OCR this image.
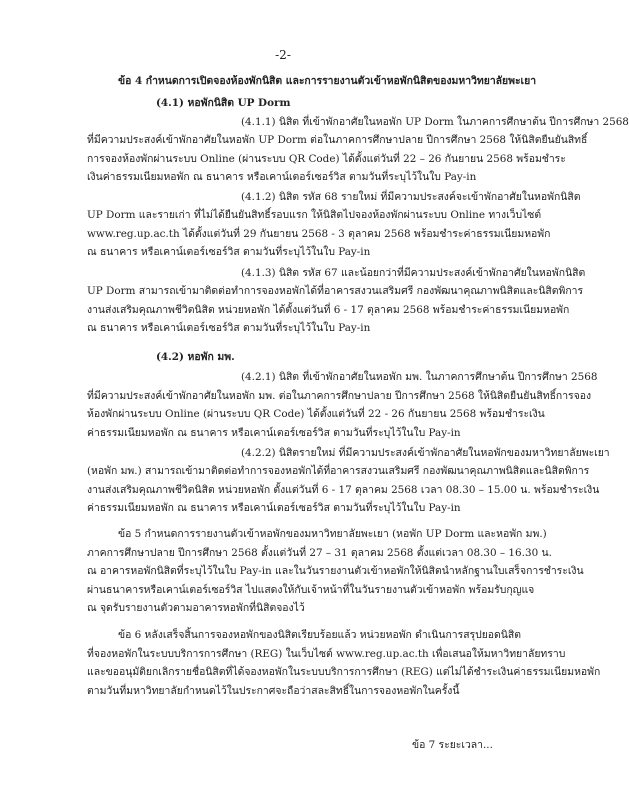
-2-
ข้อ 4 กำหนดการเปิดจองห้องพักนิสิต และการรายงานตัวเข้าหอพักนิสิตของมหาวิทยาลัยพะเยา
(4.1) หอพักนิสิต UP Dorm
(4.1.1) นิสิต ที่เข้าพักอาศัยในหอพัก UP Dorm ในภาคการศึกษาต้น ปีการศึกษา 2568
ที่มีความประสงค์เข้าพักอาศัยในหอพัก UP Dorm ต่อในภาคการศึกษาปลาย ปีการศึกษา 2568 ให้นิสิตยืนยันสิทธิ์
การจองห้องพักผ่านระบบ Online (ผ่านระบบ QR Code) ได้ตั้งแต่วันที่ 22 – 26 กันยายน 2568 พร้อมชำระ
เงินค่าธรรมเนียมหอพัก ณ ธนาคาร หรือเคาน์เตอร์เซอร์วิส ตามวันที่ระบุไว้ในใบ Pay-in
(4.1.2) นิสิต รหัส 68 รายใหม่ ที่มีความประสงค์จะเข้าพักอาศัยในหอพักนิสิต
UP Dorm และรายเก่า ที่ไม่ได้ยืนยันสิทธิ์รอบแรก ให้นิสิตไปจองห้องพักผ่านระบบ Online ทางเว็บไซต์
www.reg.up.ac.th ได้ตั้งแต่วันที่ 29 กันยายน 2568 - 3 ตุลาคม 2568 พร้อมชำระค่าธรรมเนียมหอพัก
ณ ธนาคาร หรือเคาน์เตอร์เซอร์วิส ตามวันที่ระบุไว้ในใบ Pay-in
(4.1.3) นิสิต รหัส 67 และน้อยกว่าที่มีความประสงค์เข้าพักอาศัยในหอพักนิสิต
UP Dorm สามารถเข้ามาติดต่อทำการจองหอพักได้ที่อาคารสงวนเสริมศรี กองพัฒนาคุณภาพนิสิตและนิสิตพิการ
งานส่งเสริมคุณภาพชีวิตนิสิต หน่วยหอพัก ได้ตั้งแต่วันที่ 6 - 17 ตุลาคม 2568 พร้อมชำระค่าธรรมเนียมหอพัก
ณ ธนาคาร หรือเคาน์เตอร์เซอร์วิส ตามวันที่ระบุไว้ในใบ Pay-in
(4.2) หอพัก มพ.
(4.2.1) นิสิต ที่เข้าพักอาศัยในหอพัก มพ. ในภาคการศึกษาต้น ปีการศึกษา 2568
ที่มีความประสงค์เข้าพักอาศัยในหอพัก มพ. ต่อในภาคการศึกษาปลาย ปีการศึกษา 2568 ให้นิสิตยืนยันสิทธิ์การจอง
ห้องพักผ่านระบบ Online (ผ่านระบบ QR Code) ได้ตั้งแต่วันที่ 22 - 26 กันยายน 2568 พร้อมชำระเงิน
ค่าธรรมเนียมหอพัก ณ ธนาคาร หรือเคาน์เตอร์เซอร์วิส ตามวันที่ระบุไว้ในใบ Pay-in
(4.2.2) นิสิตรายใหม่ ที่มีความประสงค์เข้าพักอาศัยในหอพักของมหาวิทยาลัยพะเยา
(หอพัก มพ.) สามารถเข้ามาติดต่อทำการจองหอพักได้ที่อาคารสงวนเสริมศรี กองพัฒนาคุณภาพนิสิตและนิสิตพิการ
งานส่งเสริมคุณภาพชีวิตนิสิต หน่วยหอพัก ตั้งแต่วันที่ 6 - 17 ตุลาคม 2568 เวลา 08.30 – 15.00 น. พร้อมชำระเงิน
ค่าธรรมเนียมหอพัก ณ ธนาคาร หรือเคาน์เตอร์เซอร์วิส ตามวันที่ระบุไว้ในใบ Pay-in
ข้อ 5 กำหนดการรายงานตัวเข้าหอพักของมหาวิทยาลัยพะเยา (หอพัก UP Dorm และหอพัก มพ.)
ภาคการศึกษาปลาย ปีการศึกษา 2568 ตั้งแต่วันที่ 27 – 31 ตุลาคม 2568 ตั้งแต่เวลา 08.30 – 16.30 น.
ณ อาคารหอพักนิสิตที่ระบุไว้ในใบ Pay-in และในวันรายงานตัวเข้าหอพักให้นิสิตนำหลักฐานใบเสร็จการชำระเงิน
ผ่านธนาคารหรือเคาน์เตอร์เซอร์วิส ไปแสดงให้กับเจ้าหน้าที่ในวันรายงานตัวเข้าหอพัก พร้อมรับกุญแจ
ณ จุดรับรายงานตัวตามอาคารหอพักที่นิสิตจองไว้
ข้อ 6 หลังเสร็จสิ้นการจองหอพักของนิสิตเรียบร้อยแล้ว หน่วยหอพัก ดำเนินการสรุปยอดนิสิต
ที่จองหอพักในระบบบริการการศึกษา (REG) ในเว็บไซต์ www.reg.up.ac.th เพื่อเสนอให้มหาวิทยาลัยทราบ
และขออนุมัติยกเลิกรายชื่อนิสิตที่ได้จองหอพักในระบบบริการการศึกษา (REG) แต่ไม่ได้ชำระเงินค่าธรรมเนียมหอพัก
ตามวันที่มหาวิทยาลัยกำหนดไว้ในประกาศจะถือว่าสละสิทธิ์ในการจองหอพักในครั้งนี้
ข้อ 7 ระยะเวลา...
